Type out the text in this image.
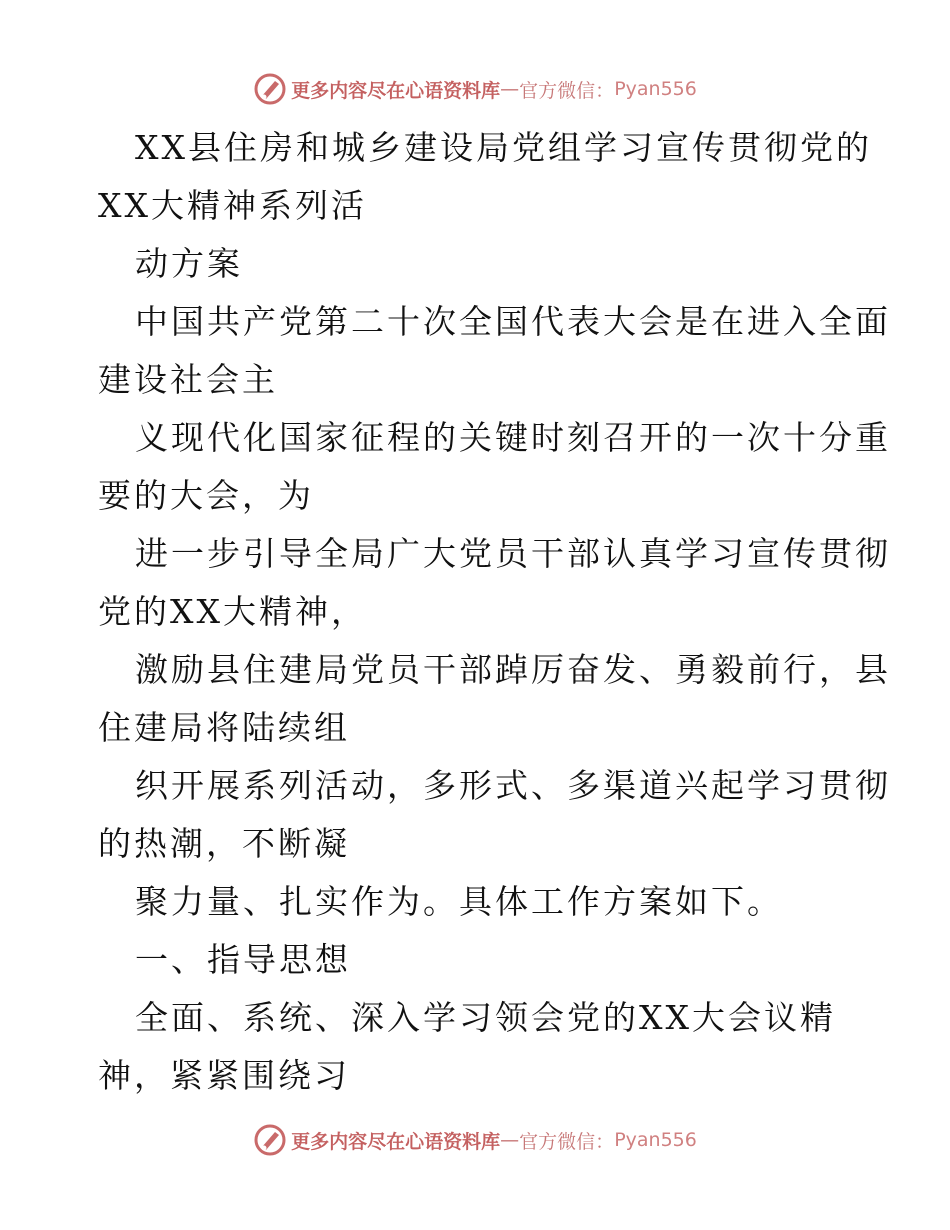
更多内容尽在心语资料库 — 官方微信： Pyan556
XX县住房和城乡建设局党组学习宣传贯彻党的
XX大精神系列活
动方案
中国共产党第二十次全国代表大会是在进入全面
建设社会主
义现代化国家征程的关键时刻召开的一次十分重
要的大会，为
进一步引导全局广大党员干部认真学习宣传贯彻
党的XX大精神，
激励县住建局党员干部踔厉奋发、勇毅前行，县
住建局将陆续组
织开展系列活动，多形式、多渠道兴起学习贯彻
的热潮，不断凝
聚力量、扎实作为。具体工作方案如下。
一、指导思想
全面、系统、深入学习领会党的XX大会议精
神，紧紧围绕习
更多内容尽在心语资料库 — 官方微信： Pyan556
